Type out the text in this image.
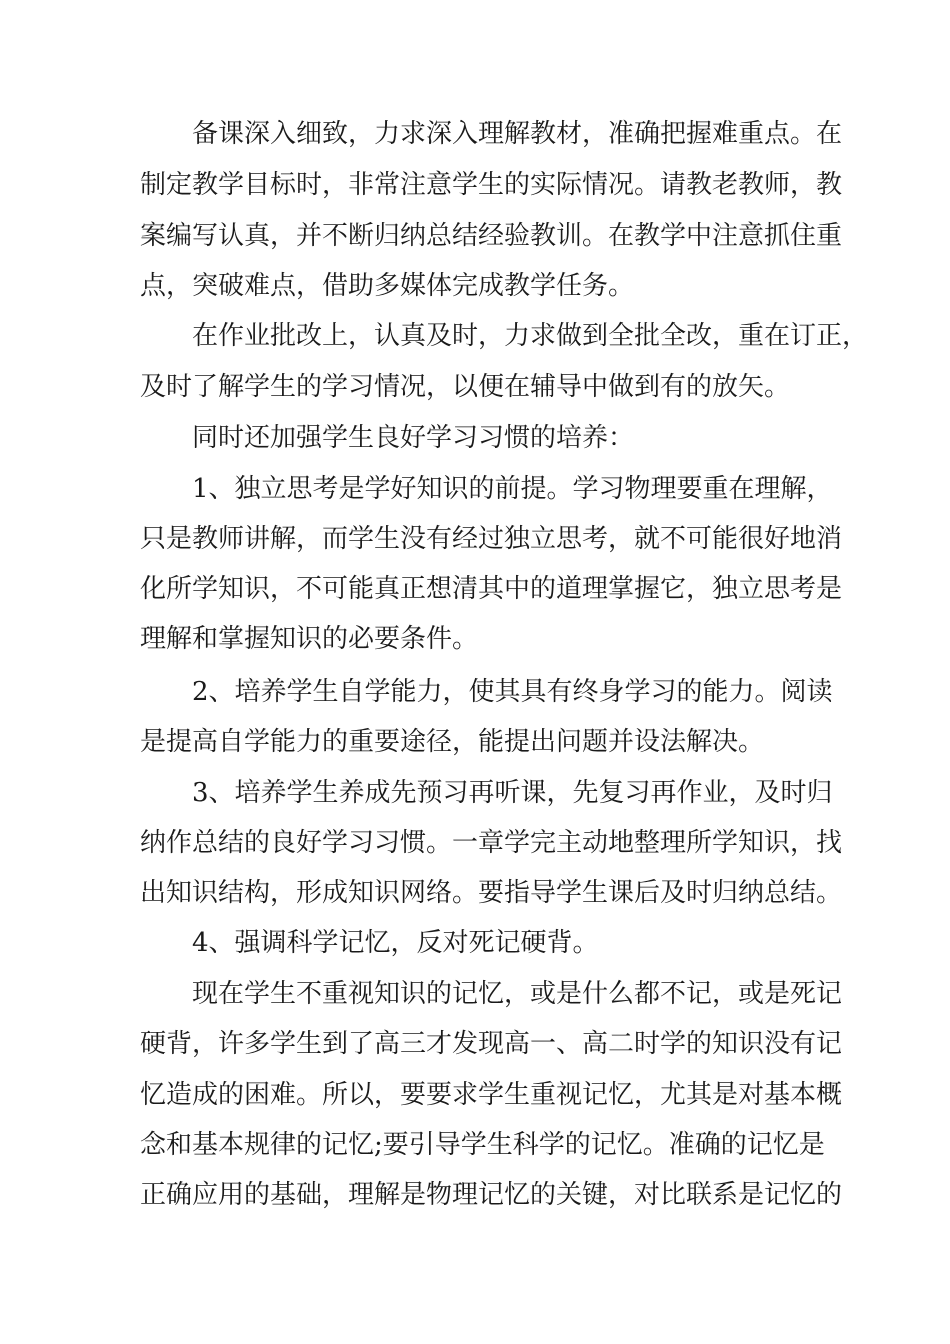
备课深入细致，力求深入理解教材，准确把握难重点。在
制定教学目标时，非常注意学生的实际情况。请教老教师，教
案编写认真，并不断归纳总结经验教训。在教学中注意抓住重
点，突破难点，借助多媒体完成教学任务。
在作业批改上，认真及时，力求做到全批全改，重在订正，
及时了解学生的学习情况，以便在辅导中做到有的放矢。
同时还加强学生良好学习习惯的培养：
1、独立思考是学好知识的前提。学习物理要重在理解，
只是教师讲解，而学生没有经过独立思考，就不可能很好地消
化所学知识，不可能真正想清其中的道理掌握它，独立思考是
理解和掌握知识的必要条件。
2、培养学生自学能力，使其具有终身学习的能力。阅读
是提高自学能力的重要途径，能提出问题并设法解决。
3、培养学生养成先预习再听课，先复习再作业，及时归
纳作总结的良好学习习惯。一章学完主动地整理所学知识，找
出知识结构，形成知识网络。要指导学生课后及时归纳总结。
4、强调科学记忆，反对死记硬背。
现在学生不重视知识的记忆，或是什么都不记，或是死记
硬背，许多学生到了高三才发现高一、高二时学的知识没有记
忆造成的困难。所以，要要求学生重视记忆，尤其是对基本概
念和基本规律的记忆;要引导学生科学的记忆。准确的记忆是
正确应用的基础，理解是物理记忆的关键，对比联系是记忆的
